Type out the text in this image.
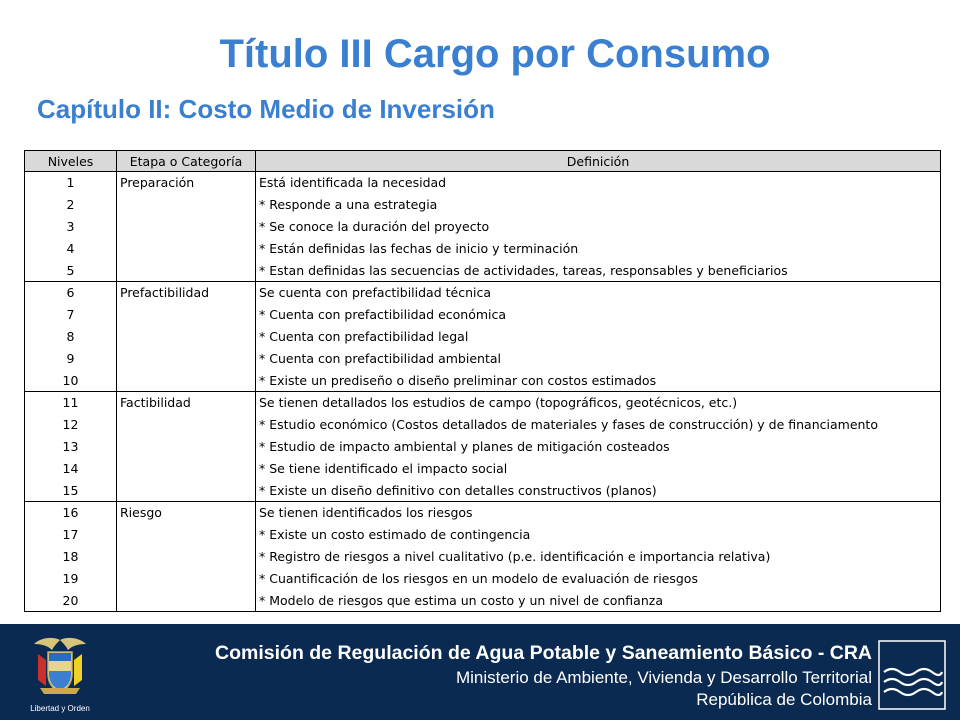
Título III Cargo por Consumo
Capítulo II: Costo Medio de Inversión
Niveles	Etapa o Categoría	Definición
1	Preparación	Está identificada la necesidad
2		* Responde a una estrategia
3		* Se conoce la duración del proyecto
4		* Están definidas las fechas de inicio y terminación
5		* Estan definidas las secuencias de actividades, tareas, responsables y beneficiarios
6	Prefactibilidad	Se cuenta con prefactibilidad técnica
7		* Cuenta con prefactibilidad económica
8		* Cuenta con prefactibilidad legal
9		* Cuenta con prefactibilidad ambiental
10		* Existe un prediseño o diseño preliminar con costos estimados
11	Factibilidad	Se tienen detallados los estudios de campo (topográficos, geotécnicos, etc.)
12		* Estudio económico (Costos detallados de materiales y fases de construcción) y de financiamento
13		* Estudio de impacto ambiental y planes de mitigación costeados
14		* Se tiene identificado el impacto social
15		* Existe un diseño definitivo con detalles constructivos (planos)
16	Riesgo	Se tienen identificados los riesgos
17		* Existe un costo estimado de contingencia
18		* Registro de riesgos a nivel cualitativo (p.e. identificación e importancia relativa)
19		* Cuantificación de los riesgos en un modelo de evaluación de riesgos
20		* Modelo de riesgos que estima un costo y un nivel de confianza
Libertad y Orden
Comisión de Regulación de Agua Potable y Saneamiento Básico - CRA
Ministerio de Ambiente, Vivienda y Desarrollo Territorial
República de Colombia
